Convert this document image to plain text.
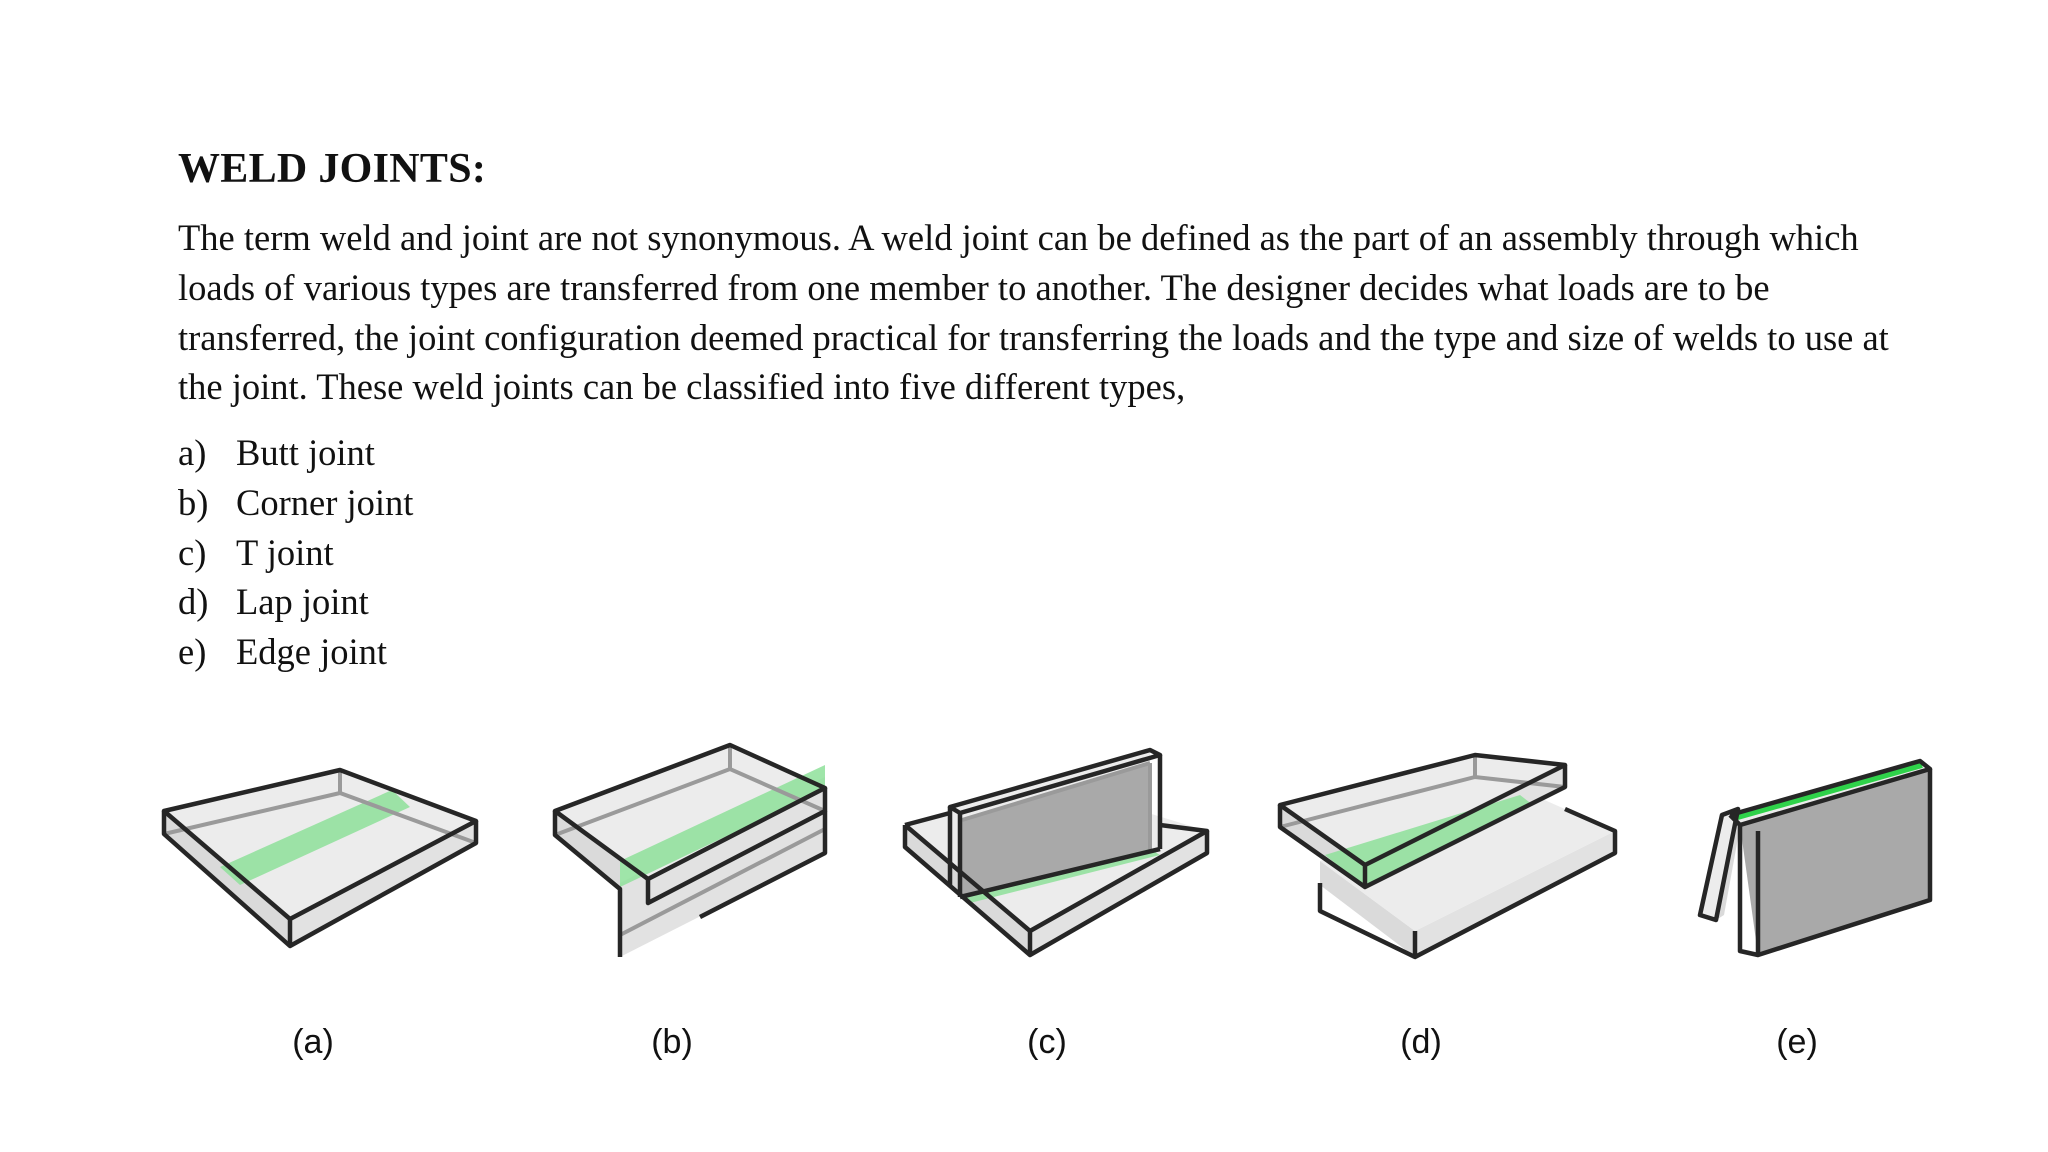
WELD JOINTS:

The term weld and joint are not synonymous. A weld joint can be defined as the part of an assembly through which loads of various types are transferred from one member to another. The designer decides what loads are to be transferred, the joint configuration deemed practical for transferring the loads and the type and size of welds to use at the joint. These weld joints can be classified into five different types,

a) Butt joint
b) Corner joint
c) T joint
d) Lap joint
e) Edge joint
(a)	(b)	(c)	(d)	(e)
